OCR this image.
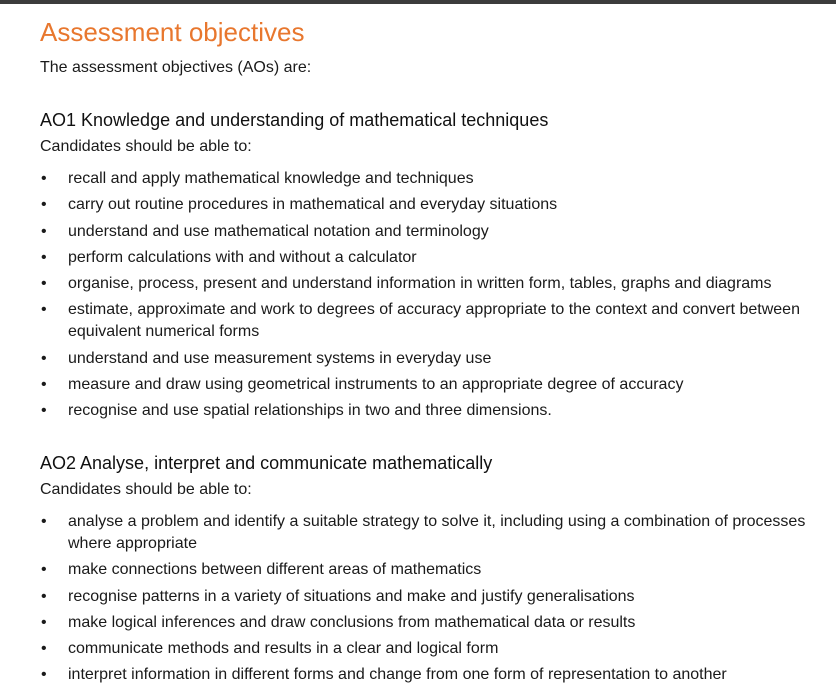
Assessment objectives
The assessment objectives (AOs) are:
AO1 Knowledge and understanding of mathematical techniques
Candidates should be able to:
• recall and apply mathematical knowledge and techniques
• carry out routine procedures in mathematical and everyday situations
• understand and use mathematical notation and terminology
• perform calculations with and without a calculator
• organise, process, present and understand information in written form, tables, graphs and diagrams
• estimate, approximate and work to degrees of accuracy appropriate to the context and convert between equivalent numerical forms
• understand and use measurement systems in everyday use
• measure and draw using geometrical instruments to an appropriate degree of accuracy
• recognise and use spatial relationships in two and three dimensions.
AO2 Analyse, interpret and communicate mathematically
Candidates should be able to:
• analyse a problem and identify a suitable strategy to solve it, including using a combination of processes where appropriate
• make connections between different areas of mathematics
• recognise patterns in a variety of situations and make and justify generalisations
• make logical inferences and draw conclusions from mathematical data or results
• communicate methods and results in a clear and logical form
• interpret information in different forms and change from one form of representation to another
